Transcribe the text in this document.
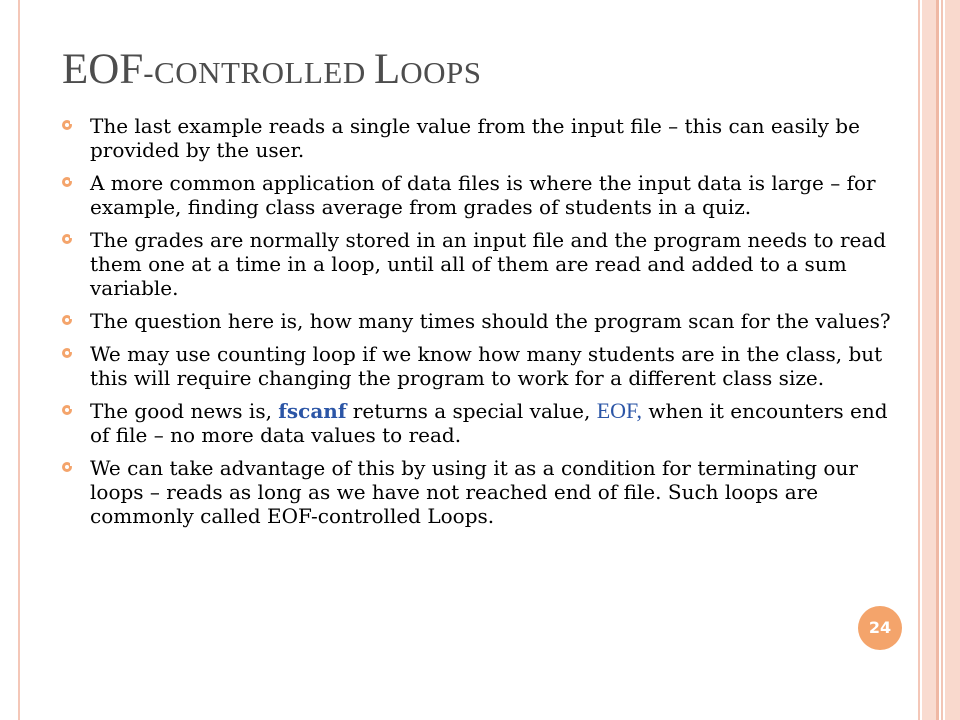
EOF-CONTROLLED LOOPS
The last example reads a single value from the input file – this can easily be provided by the user.
A more common application of data files is where the input data is large – for example, finding class average from grades of students in a quiz.
The grades are normally stored in an input file and the program needs to read them one at a time in a loop, until all of them are read and added to a sum variable.
The question here is, how many times should the program scan for the values?
We may use counting loop if we know how many students are in the class, but this will require changing the program to work for a different class size.
The good news is, fscanf returns a special value, EOF, when it encounters end of file – no more data values to read.
We can take advantage of this by using it as a condition for terminating our loops – reads as long as we have not reached end of file. Such loops are commonly called EOF-controlled Loops.
24
